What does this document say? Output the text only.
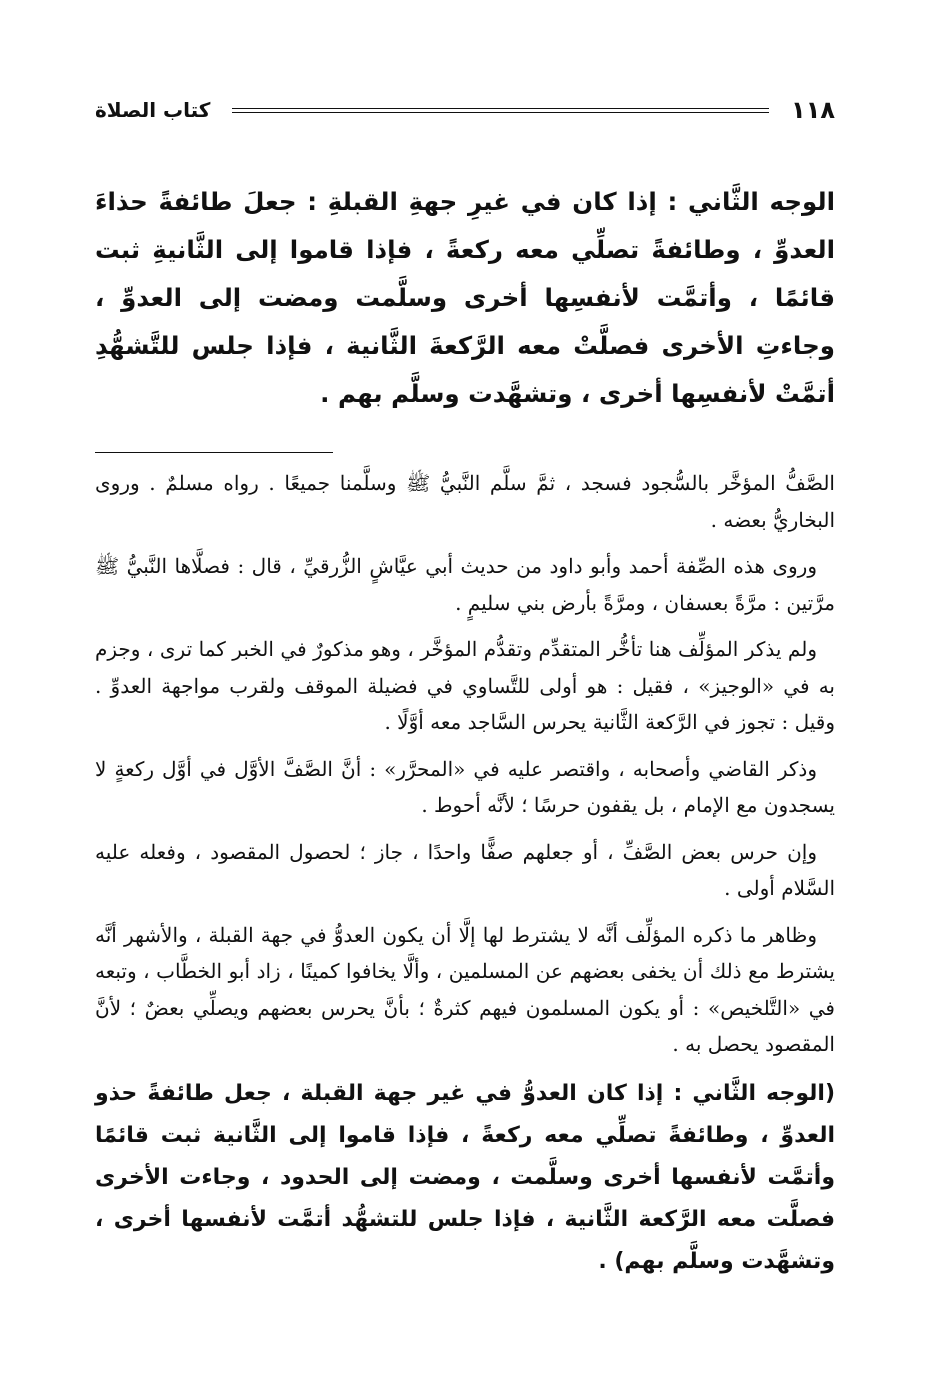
١١٨
كتاب الصلاة
الوجه الثَّاني : إذا كان في غيرِ جهةِ القبلةِ : جعلَ طائفةً حذاءَ العدوِّ ، وطائفةً تصلِّي معه ركعةً ، فإذا قاموا إلى الثَّانيةِ ثبت قائمًا ، وأتمَّت لأنفسِها أخرى وسلَّمت ومضت إلى العدوِّ ، وجاءتِ الأخرى فصلَّتْ معه الرَّكعةَ الثَّانية ، فإذا جلس للتَّشهُّدِ أتمَّتْ لأنفسِها أخرى ، وتشهَّدت وسلَّم بهم .

الصَّفُّ المؤخَّر بالسُّجود فسجد ، ثمَّ سلَّم النَّبيُّ ﷺ وسلَّمنا جميعًا . رواه مسلمٌ . وروى البخاريُّ بعضه .

وروى هذه الصِّفة أحمد وأبو داود من حديث أبي عيَّاشٍ الزُّرقيِّ ، قال : فصلَّاها النَّبيُّ ﷺ مرَّتين : مرَّةً بعسفان ، ومرَّةً بأرض بني سليمٍ .

ولم يذكر المؤلِّف هنا تأخُّر المتقدِّم وتقدُّم المؤخَّر ، وهو مذكورٌ في الخبر كما ترى ، وجزم به في «الوجيز» ، فقيل : هو أولى للتَّساوي في فضيلة الموقف ولقرب مواجهة العدوِّ . وقيل : تجوز في الرَّكعة الثَّانية يحرس السَّاجد معه أوَّلًا .

وذكر القاضي وأصحابه ، واقتصر عليه في «المحرَّر» : أنَّ الصَّفَّ الأوَّل في أوَّل ركعةٍ لا يسجدون مع الإمام ، بل يقفون حرسًا ؛ لأنَّه أحوط .

وإن حرس بعض الصَّفِّ ، أو جعلهم صفًّا واحدًا ، جاز ؛ لحصول المقصود ، وفعله عليه السَّلام أولى .

وظاهر ما ذكره المؤلِّف أنَّه لا يشترط لها إلَّا أن يكون العدوُّ في جهة القبلة ، والأشهر أنَّه يشترط مع ذلك أن يخفى بعضهم عن المسلمين ، وألَّا يخافوا كمينًا ، زاد أبو الخطَّاب ، وتبعه في «التَّلخيص» : أو يكون المسلمون فيهم كثرةٌ ؛ بأنَّ يحرس بعضهم ويصلِّي بعضٌ ؛ لأنَّ المقصود يحصل به .

(الوجه الثَّاني : إذا كان العدوُّ في غير جهة القبلة ، جعل طائفةً حذو العدوِّ ، وطائفةً تصلِّي معه ركعةً ، فإذا قاموا إلى الثَّانية ثبت قائمًا وأتمَّت لأنفسها أخرى وسلَّمت ، ومضت إلى الحدود ، وجاءت الأخرى فصلَّت معه الرَّكعة الثَّانية ، فإذا جلس للتشهُّد أتمَّت لأنفسها أخرى ، وتشهَّدت وسلَّم بهم) .
